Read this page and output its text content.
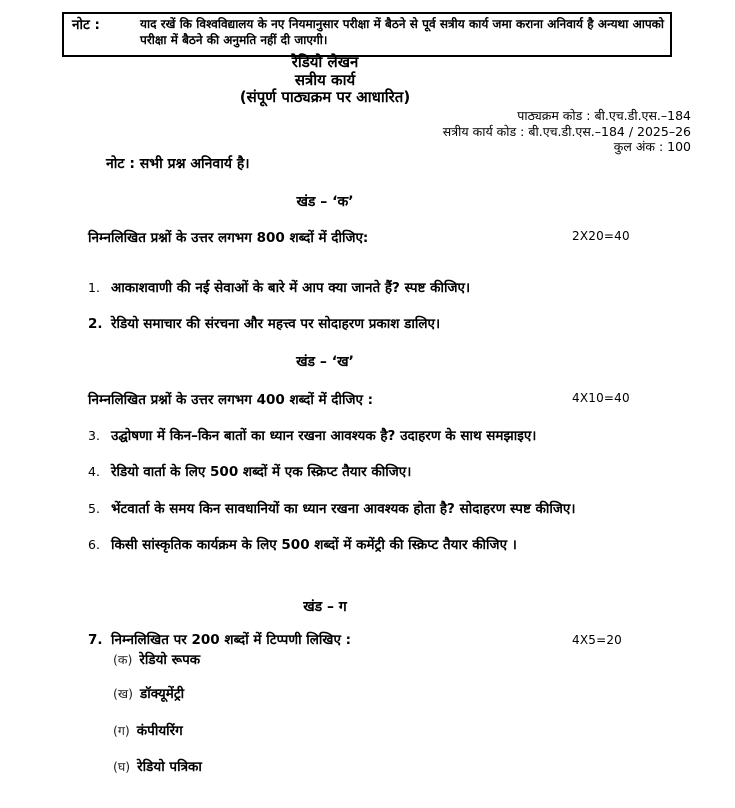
नोट :	याद रखें कि विश्वविद्यालय के नए नियमानुसार परीक्षा में बैठने से पूर्व सत्रीय कार्य जमा कराना अनिवार्य है अन्यथा आपको परीक्षा में बैठने की अनुमति नहीं दी जाएगी।
रेडियो लेखन
सत्रीय कार्य
(संपूर्ण पाठ्यक्रम पर आधारित)
पाठ्यक्रम कोड : बी.एच.डी.एस.–184
सत्रीय कार्य कोड : बी.एच.डी.एस.–184 / 2025–26
कुल अंक : 100
नोट : सभी प्रश्न अनिवार्य है।
खंड – ‘क’
निम्नलिखित प्रश्नों के उत्तर लगभग 800 शब्दों में दीजिए:	2X20=40
1. आकाशवाणी की नई सेवाओं के बारे में आप क्या जानते हैं? स्पष्ट कीजिए।
2. रेडियो समाचार की संरचना और महत्त्व पर सोदाहरण प्रकाश डालिए।
खंड – ‘ख’
निम्नलिखित प्रश्नों के उत्तर लगभग 400 शब्दों में दीजिए :	4X10=40
3. उद्घोषणा में किन–किन बातों का ध्यान रखना आवश्यक है? उदाहरण के साथ समझाइए।
4. रेडियो वार्ता के लिए 500 शब्दों में एक स्क्रिप्ट तैयार कीजिए।
5. भेंटवार्ता के समय किन सावधानियों का ध्यान रखना आवश्यक होता है? सोदाहरण स्पष्ट कीजिए।
6. किसी सांस्कृतिक कार्यक्रम के लिए 500 शब्दों में कमेंट्री की स्क्रिप्ट तैयार कीजिए ।
खंड – ग
7. निम्नलिखित पर 200 शब्दों में टिप्पणी लिखिए :	4X5=20
(क) रेडियो रूपक
(ख) डॉक्यूमेंट्री
(ग) कंपीयरिंग
(घ) रेडियो पत्रिका
